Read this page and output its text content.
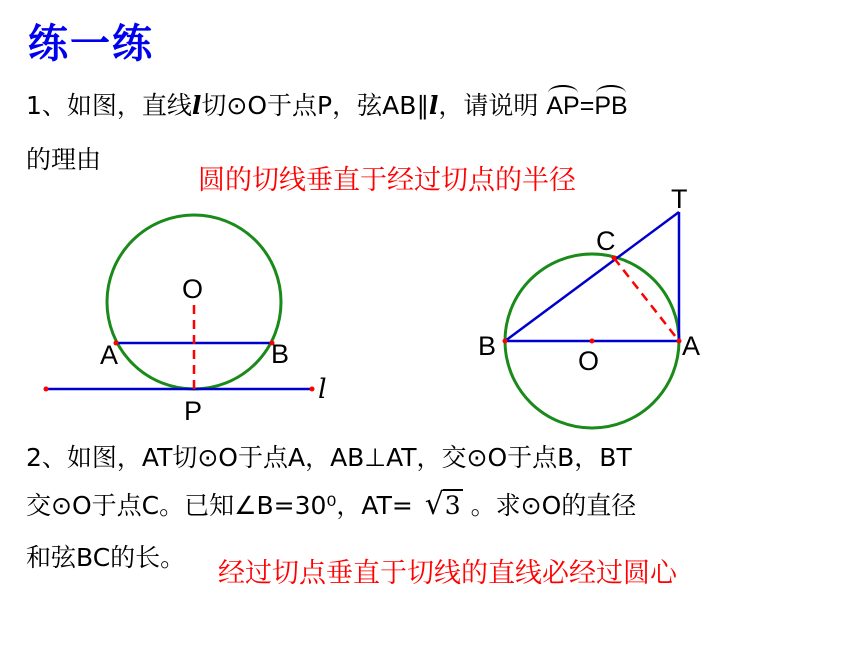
练一练
1、如图，直线l切⊙O于点P，弦AB∥l，请说明 AP=PB
的理由
圆的切线垂直于经过切点的半径
O
A	B
P
l
T
C
B	A
O
2、如图，AT切⊙O于点A，AB⊥AT，交⊙O于点B，BT
交⊙O于点C。已知∠B=30⁰，AT= √ 3 。求⊙O的直径
和弦BC的长。
经过切点垂直于切线的直线必经过圆心
